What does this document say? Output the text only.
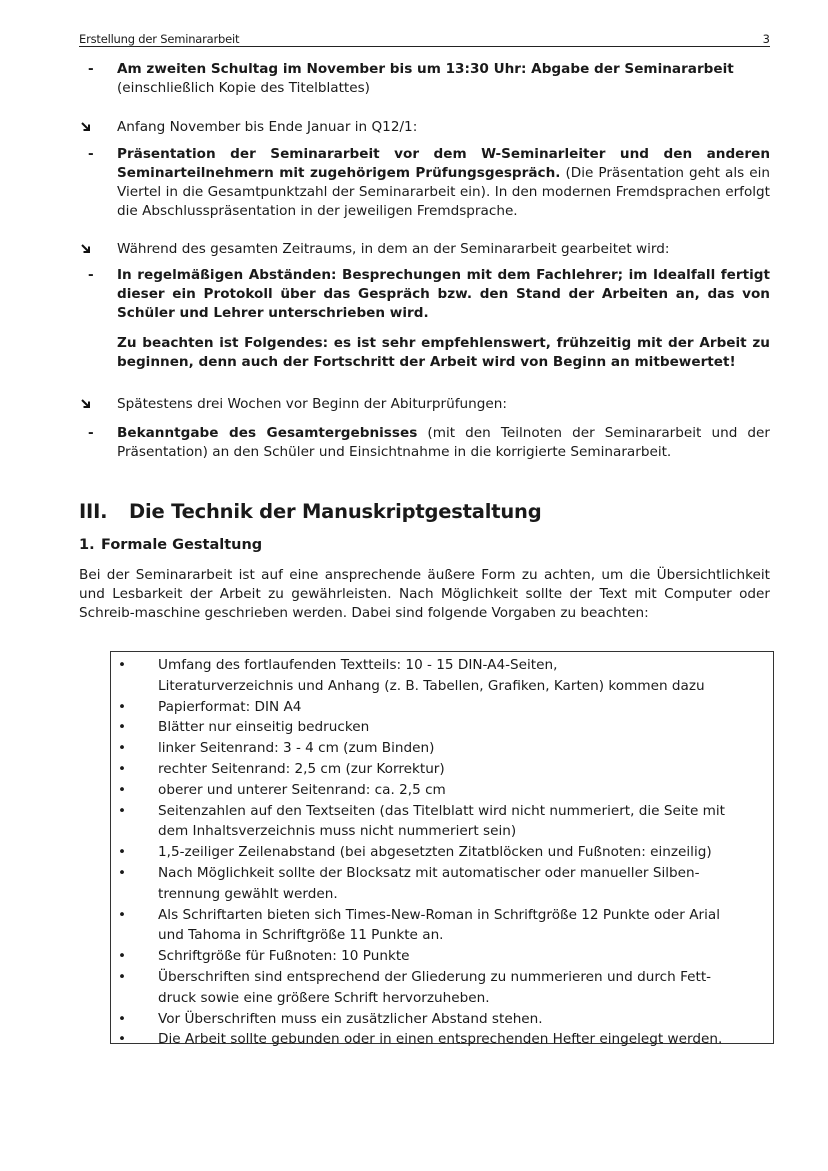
Erstellung der Seminararbeit	3
-	Am zweiten Schultag im November bis um 13:30 Uhr: Abgabe der Seminararbeit
(einschließlich Kopie des Titelblattes)
Anfang November bis Ende Januar in Q12/1:
-	Präsentation der Seminararbeit vor dem W-Seminarleiter und den anderen Seminarteilnehmern mit zugehörigem Prüfungsgespräch. (Die Präsentation geht als ein Viertel in die Gesamtpunktzahl der Seminararbeit ein). In den modernen Fremdsprachen erfolgt die Abschlusspräsentation in der jeweiligen Fremdsprache.
Während des gesamten Zeitraums, in dem an der Seminararbeit gearbeitet wird:
-	In regelmäßigen Abständen: Besprechungen mit dem Fachlehrer; im Idealfall fertigt dieser ein Protokoll über das Gespräch bzw. den Stand der Arbeiten an, das von Schüler und Lehrer unterschrieben wird.
Zu beachten ist Folgendes: es ist sehr empfehlenswert, frühzeitig mit der Arbeit zu beginnen, denn auch der Fortschritt der Arbeit wird von Beginn an mitbewertet!
Spätestens drei Wochen vor Beginn der Abiturprüfungen:
-	Bekanntgabe des Gesamtergebnisses (mit den Teilnoten der Seminararbeit und der Präsentation) an den Schüler und Einsichtnahme in die korrigierte Seminararbeit.
III. Die Technik der Manuskriptgestaltung
1. Formale Gestaltung
Bei der Seminararbeit ist auf eine ansprechende äußere Form zu achten, um die Übersichtlichkeit und Lesbarkeit der Arbeit zu gewährleisten. Nach Möglichkeit sollte der Text mit Computer oder Schreib-maschine geschrieben werden. Dabei sind folgende Vorgaben zu beachten:
• Umfang des fortlaufenden Textteils: 10 - 15 DIN-A4-Seiten,
Literaturverzeichnis und Anhang (z. B. Tabellen, Grafiken, Karten) kommen dazu
• Papierformat: DIN A4
• Blätter nur einseitig bedrucken
• linker Seitenrand: 3 - 4 cm (zum Binden)
• rechter Seitenrand: 2,5 cm (zur Korrektur)
• oberer und unterer Seitenrand: ca. 2,5 cm
• Seitenzahlen auf den Textseiten (das Titelblatt wird nicht nummeriert, die Seite mit
dem Inhaltsverzeichnis muss nicht nummeriert sein)
• 1,5-zeiliger Zeilenabstand (bei abgesetzten Zitatblöcken und Fußnoten: einzeilig)
• Nach Möglichkeit sollte der Blocksatz mit automatischer oder manueller Silben-
trennung gewählt werden.
• Als Schriftarten bieten sich Times-New-Roman in Schriftgröße 12 Punkte oder Arial
und Tahoma in Schriftgröße 11 Punkte an.
• Schriftgröße für Fußnoten: 10 Punkte
• Überschriften sind entsprechend der Gliederung zu nummerieren und durch Fett-
druck sowie eine größere Schrift hervorzuheben.
• Vor Überschriften muss ein zusätzlicher Abstand stehen.
• Die Arbeit sollte gebunden oder in einen entsprechenden Hefter eingelegt werden.
